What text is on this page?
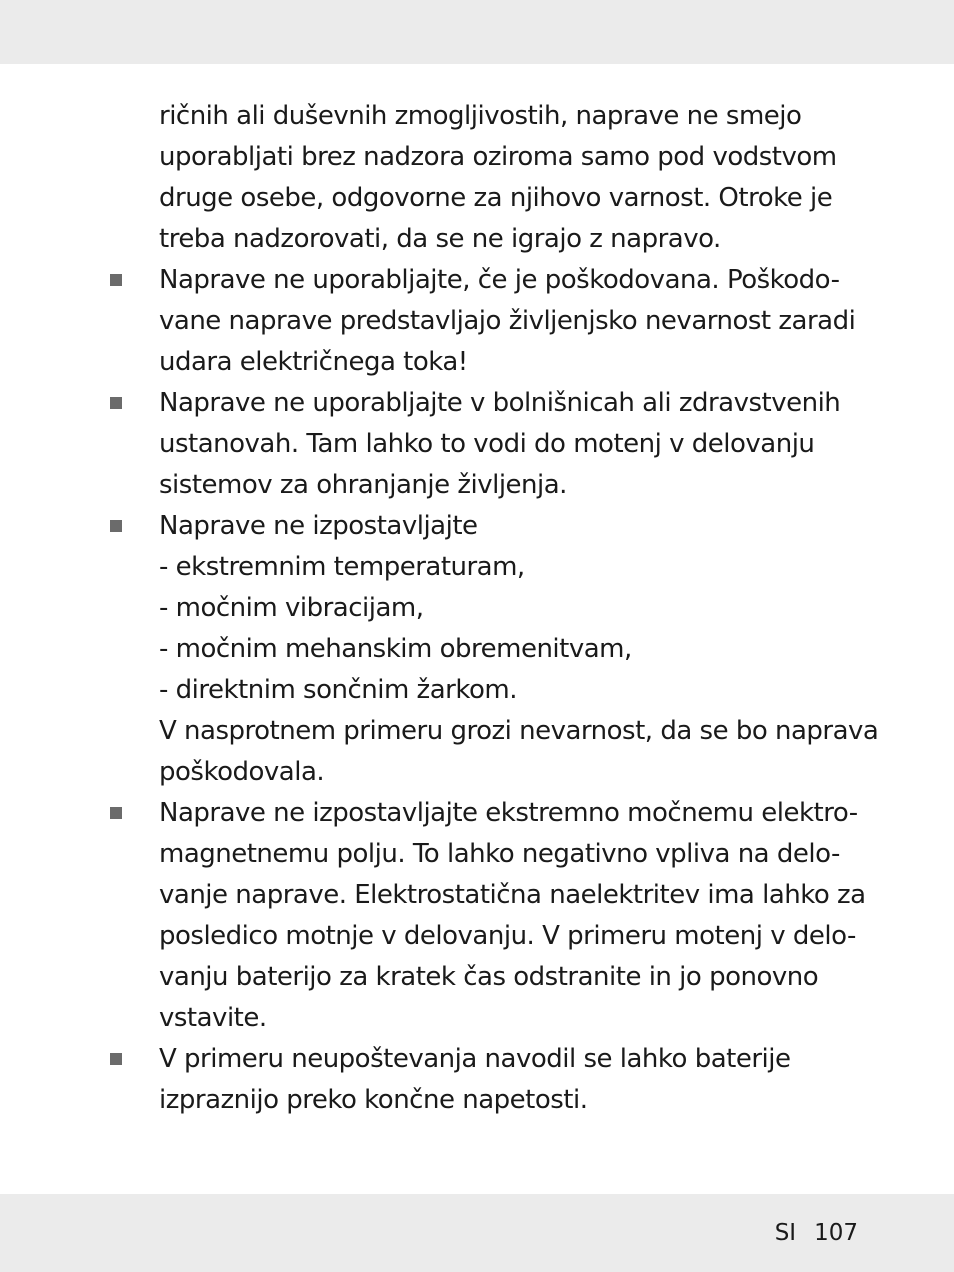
ričnih ali duševnih zmogljivostih, naprave ne smejo
uporabljati brez nadzora oziroma samo pod vodstvom
druge osebe, odgovorne za njihovo varnost. Otroke je
treba nadzorovati, da se ne igrajo z napravo.
Naprave ne uporabljajte, če je poškodovana. Poškodo-
vane naprave predstavljajo življenjsko nevarnost zaradi
udara električnega toka!
Naprave ne uporabljajte v bolnišnicah ali zdravstvenih
ustanovah. Tam lahko to vodi do motenj v delovanju
sistemov za ohranjanje življenja.
Naprave ne izpostavljajte
- ekstremnim temperaturam,
- močnim vibracijam,
- močnim mehanskim obremenitvam,
- direktnim sončnim žarkom.
V nasprotnem primeru grozi nevarnost, da se bo naprava
poškodovala.
Naprave ne izpostavljajte ekstremno močnemu elektro-
magnetnemu polju. To lahko negativno vpliva na delo-
vanje naprave. Elektrostatična naelektritev ima lahko za
posledico motnje v delovanju. V primeru motenj v delo-
vanju baterijo za kratek čas odstranite in jo ponovno
vstavite.
V primeru neupoštevanja navodil se lahko baterije
izpraznijo preko končne napetosti.
SI 107
